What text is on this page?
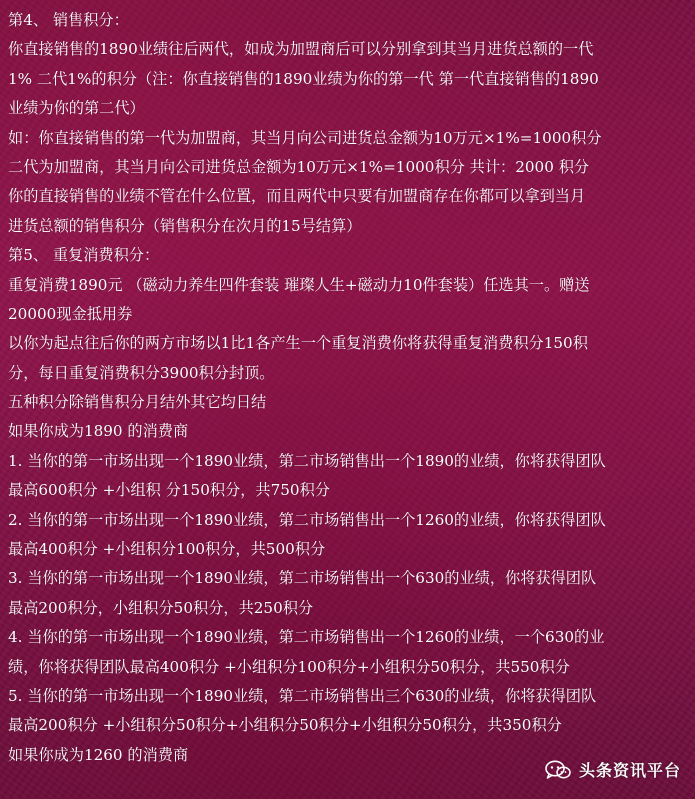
第4、 销售积分：
你直接销售的1890业绩往后两代，如成为加盟商后可以分别拿到其当月进货总额的一代
1% 二代1%的积分（注：你直接销售的1890业绩为你的第一代 第一代直接销售的1890
业绩为你的第二代）
如：你直接销售的第一代为加盟商，其当月向公司进货总金额为10万元×1%=1000积分
二代为加盟商，其当月向公司进货总金额为10万元×1%=1000积分 共计：2000 积分
你的直接销售的业绩不管在什么位置，而且两代中只要有加盟商存在你都可以拿到当月
进货总额的销售积分（销售积分在次月的15号结算）
第5、 重复消费积分：
重复消费1890元 （磁动力养生四件套装 璀璨人生+磁动力10件套装）任选其一。赠送
20000现金抵用券
以你为起点往后你的两方市场以1比1各产生一个重复消费你将获得重复消费积分150积
分，每日重复消费积分3900积分封顶。
五种积分除销售积分月结外其它均日结
如果你成为1890 的消费商
1. 当你的第一市场出现一个1890业绩，第二市场销售出一个1890的业绩，你将获得团队
最高600积分 +小组积 分150积分，共750积分
2. 当你的第一市场出现一个1890业绩，第二市场销售出一个1260的业绩，你将获得团队
最高400积分 +小组积分100积分，共500积分
3. 当你的第一市场出现一个1890业绩，第二市场销售出一个630的业绩，你将获得团队
最高200积分，小组积分50积分，共250积分
4. 当你的第一市场出现一个1890业绩，第二市场销售出一个1260的业绩，一个630的业
绩，你将获得团队最高400积分 +小组积分100积分+小组积分50积分，共550积分
5. 当你的第一市场出现一个1890业绩，第二市场销售出三个630的业绩，你将获得团队
最高200积分 +小组积分50积分+小组积分50积分+小组积分50积分，共350积分
如果你成为1260 的消费商
头条资讯平台
